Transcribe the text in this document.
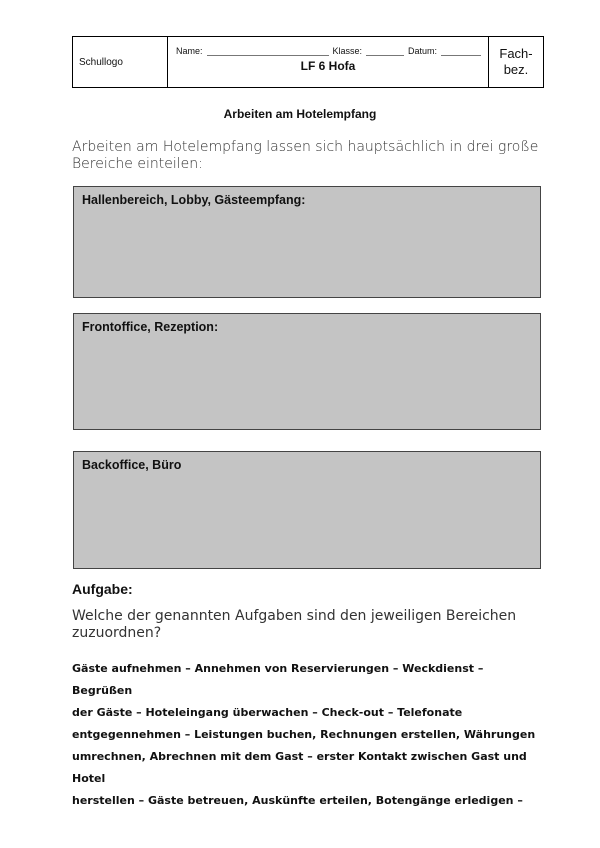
Schullogo
Name:	Klasse:	Datum:
LF 6 Hofa
Fach-
bez.
Arbeiten am Hotelempfang
Arbeiten am Hotelempfang lassen sich hauptsächlich in drei große Bereiche einteilen:
Hallenbereich, Lobby, Gästeempfang:
Frontoffice, Rezeption:
Backoffice, Büro
Aufgabe:
Welche der genannten Aufgaben sind den jeweiligen Bereichen zuzuordnen?
Gäste aufnehmen – Annehmen von Reservierungen – Weckdienst – Begrüßen
der Gäste – Hoteleingang überwachen – Check-out – Telefonate
entgegennehmen – Leistungen buchen, Rechnungen erstellen, Währungen
umrechnen, Abrechnen mit dem Gast – erster Kontakt zwischen Gast und Hotel
herstellen – Gäste betreuen, Auskünfte erteilen, Botengänge erledigen –
